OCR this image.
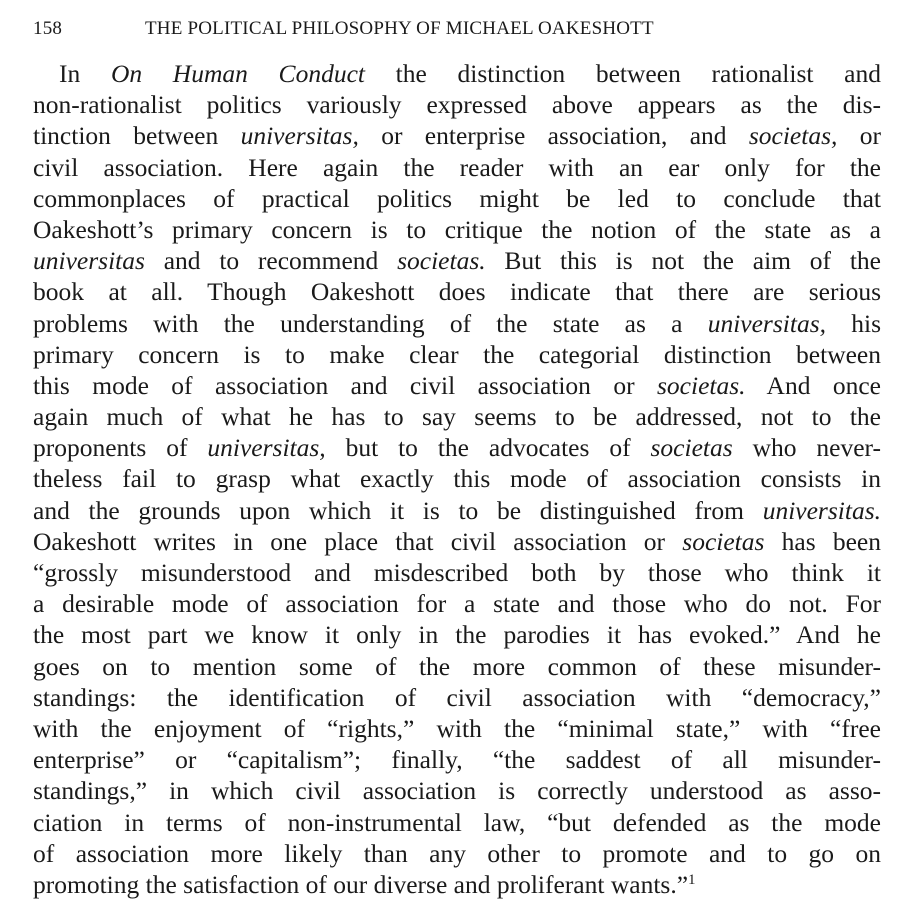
158	THE POLITICAL PHILOSOPHY OF MICHAEL OAKESHOTT
In On Human Conduct the distinction between rationalist and
non-rationalist politics variously expressed above appears as the dis-
tinction between universitas, or enterprise association, and societas, or
civil association. Here again the reader with an ear only for the
commonplaces of practical politics might be led to conclude that
Oakeshott’s primary concern is to critique the notion of the state as a
universitas and to recommend societas. But this is not the aim of the
book at all. Though Oakeshott does indicate that there are serious
problems with the understanding of the state as a universitas, his
primary concern is to make clear the categorial distinction between
this mode of association and civil association or societas. And once
again much of what he has to say seems to be addressed, not to the
proponents of universitas, but to the advocates of societas who never-
theless fail to grasp what exactly this mode of association consists in
and the grounds upon which it is to be distinguished from universitas.
Oakeshott writes in one place that civil association or societas has been
“grossly misunderstood and misdescribed both by those who think it
a desirable mode of association for a state and those who do not. For
the most part we know it only in the parodies it has evoked.” And he
goes on to mention some of the more common of these misunder-
standings: the identification of civil association with “democracy,”
with the enjoyment of “rights,” with the “minimal state,” with “free
enterprise” or “capitalism”; finally, “the saddest of all misunder-
standings,” in which civil association is correctly understood as asso-
ciation in terms of non-instrumental law, “but defended as the mode
of association more likely than any other to promote and to go on
promoting the satisfaction of our diverse and proliferant wants.”$^1$
